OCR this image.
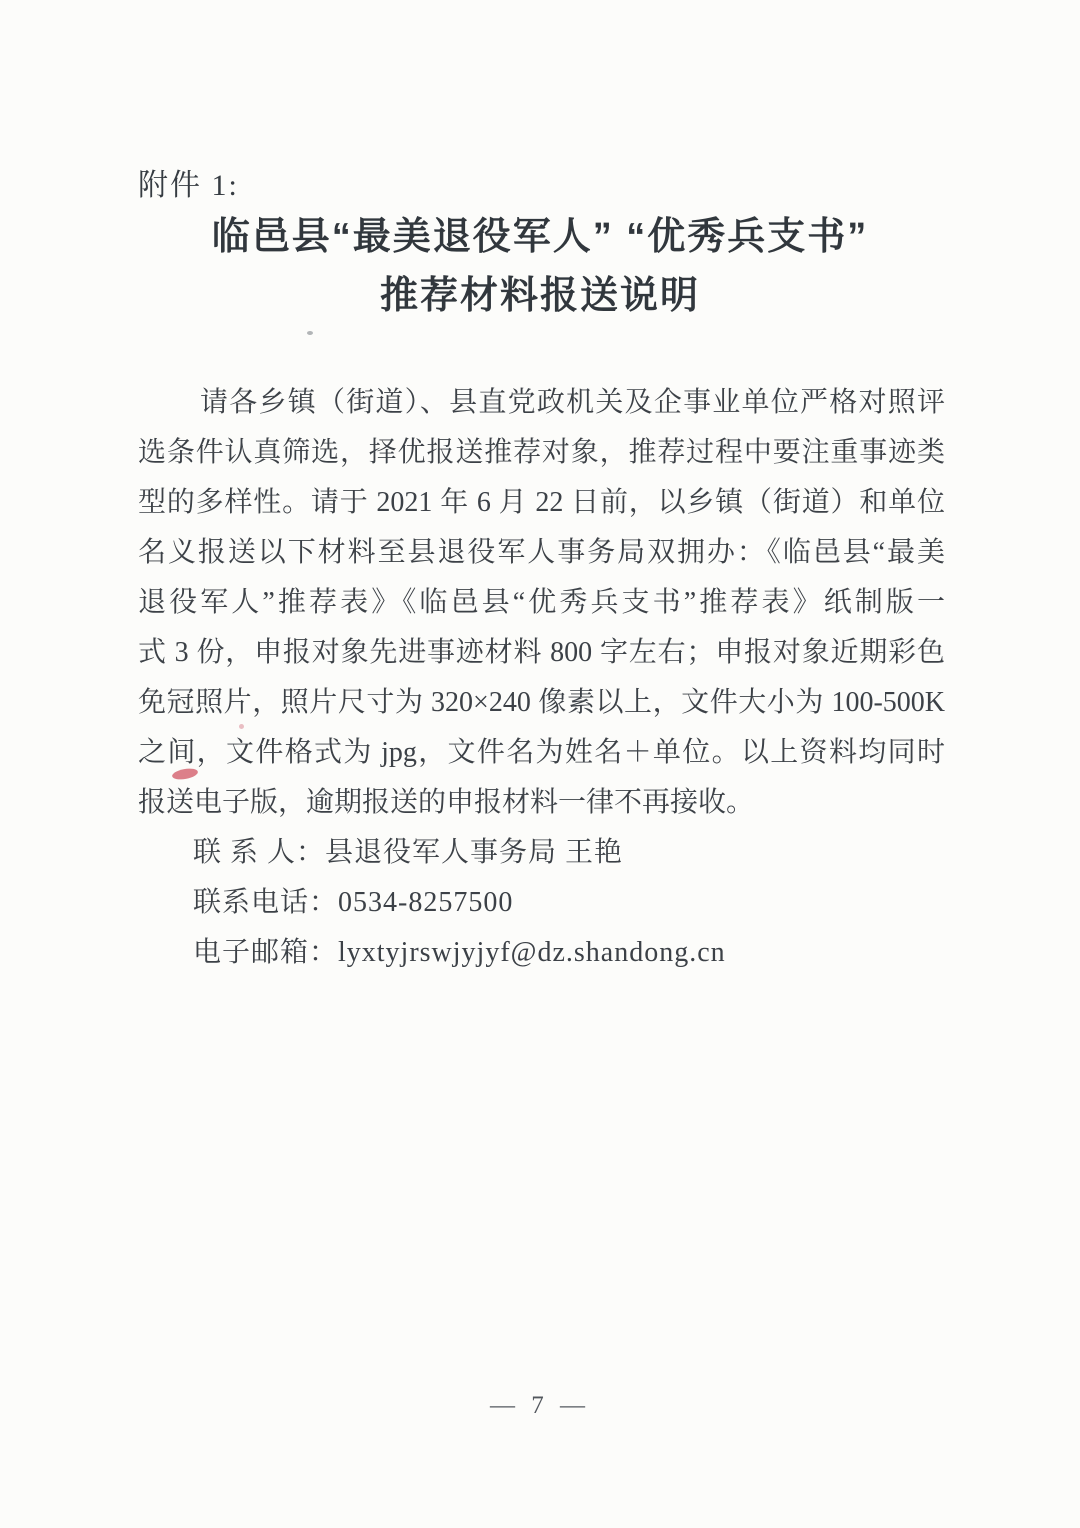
附件 1:
临邑县“最美退役军人” “优秀兵支书”
推荐材料报送说明
请各乡镇（街道）、县直党政机关及企事业单位严格对照评
选条件认真筛选，择优报送推荐对象，推荐过程中要注重事迹类
型的多样性。请于 2021 年 6 月 22 日前，以乡镇（街道）和单位
名义报送以下材料至县退役军人事务局双拥办：《临邑县“最美
退役军人”推荐表》《临邑县“优秀兵支书”推荐表》纸制版一
式 3 份，申报对象先进事迹材料 800 字左右；申报对象近期彩色
免冠照片，照片尺寸为 320×240 像素以上，文件大小为 100-500K
之间，文件格式为 jpg，文件名为姓名＋单位。以上资料均同时
报送电子版，逾期报送的申报材料一律不再接收。
联 系 人：县退役军人事务局 王艳
联系电话：0534-8257500
电子邮箱：lyxtyjrswjyjyf@dz.shandong.cn
— 7 —
